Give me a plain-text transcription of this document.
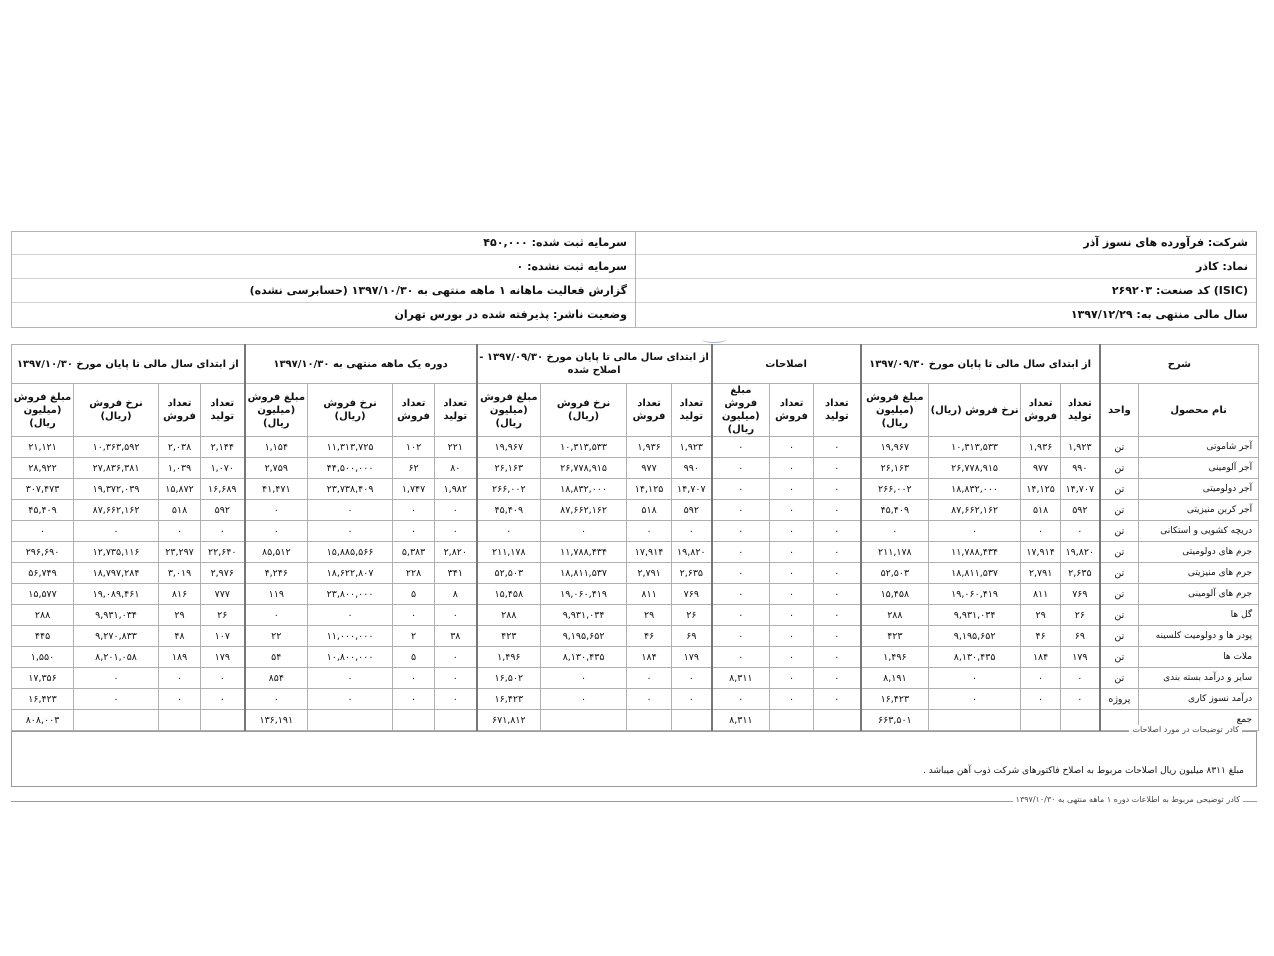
شرکت: فرآورده های نسوز آذر
نماد: کاذر
(ISIC) کد صنعت: ۲۶۹۲۰۳
سال مالی منتهی به: ۱۳۹۷/۱۲/۲۹
سرمایه ثبت شده: ۴۵۰,۰۰۰
سرمایه ثبت نشده: ۰
گزارش فعالیت ماهانه ۱ ماهه منتهی به ۱۳۹۷/۱۰/۳۰ (حسابرسی نشده)
وضعیت ناشر: پذیرفته شده در بورس تهران
شرح		از ابتدای سال مالی تا پایان مورخ ۱۳۹۷/۰۹/۳۰				اصلاحات			از ابتدای سال مالی تا پایان مورخ ۱۳۹۷/۰۹/۳۰ - اصلاح شده				دوره یک ماهه منتهی به ۱۳۹۷/۱۰/۳۰				از ابتدای سال مالی تا پایان مورخ ۱۳۹۷/۱۰/۳۰			
نام محصول	واحد	تعداد تولید	تعداد فروش	نرخ فروش (ریال)	مبلغ فروش (میلیون ریال)	تعداد تولید	تعداد فروش	مبلغ فروش (میلیون ریال)	تعداد تولید	تعداد فروش	نرخ فروش (ریال)	مبلغ فروش (میلیون ریال)	تعداد تولید	تعداد فروش	نرخ فروش (ریال)	مبلغ فروش (میلیون ریال)	تعداد تولید	تعداد فروش	نرخ فروش (ریال)	مبلغ فروش (میلیون ریال)
آجر شاموتی	تن	۱,۹۲۳	۱,۹۳۶	۱۰,۳۱۳,۵۳۳	۱۹,۹۶۷	۰	۰	۰	۱,۹۲۳	۱,۹۳۶	۱۰,۳۱۳,۵۳۳	۱۹,۹۶۷	۲۲۱	۱۰۲	۱۱,۳۱۳,۷۲۵	۱,۱۵۴	۲,۱۴۴	۲,۰۳۸	۱۰,۳۶۳,۵۹۲	۲۱,۱۲۱
آجر آلومینی	تن	۹۹۰	۹۷۷	۲۶,۷۷۸,۹۱۵	۲۶,۱۶۳	۰	۰	۰	۹۹۰	۹۷۷	۲۶,۷۷۸,۹۱۵	۲۶,۱۶۳	۸۰	۶۲	۴۴,۵۰۰,۰۰۰	۲,۷۵۹	۱,۰۷۰	۱,۰۳۹	۲۷,۸۳۶,۳۸۱	۲۸,۹۲۲
آجر دولومیتی	تن	۱۴,۷۰۷	۱۴,۱۲۵	۱۸,۸۳۲,۰۰۰	۲۶۶,۰۰۲	۰	۰	۰	۱۴,۷۰۷	۱۴,۱۲۵	۱۸,۸۳۲,۰۰۰	۲۶۶,۰۰۲	۱,۹۸۲	۱,۷۴۷	۲۳,۷۳۸,۴۰۹	۴۱,۴۷۱	۱۶,۶۸۹	۱۵,۸۷۲	۱۹,۳۷۲,۰۳۹	۳۰۷,۴۷۳
آجر کربن منیزیتی	تن	۵۹۲	۵۱۸	۸۷,۶۶۲,۱۶۲	۴۵,۴۰۹	۰	۰	۰	۵۹۲	۵۱۸	۸۷,۶۶۲,۱۶۲	۴۵,۴۰۹	۰	۰	۰	۰	۵۹۲	۵۱۸	۸۷,۶۶۲,۱۶۲	۴۵,۴۰۹
دریچه کشویی و استکانی	تن	۰	۰	۰	۰	۰	۰	۰	۰	۰	۰	۰	۰	۰	۰	۰	۰	۰	۰	۰
جرم های دولومیتی	تن	۱۹,۸۲۰	۱۷,۹۱۴	۱۱,۷۸۸,۴۳۴	۲۱۱,۱۷۸	۰	۰	۰	۱۹,۸۲۰	۱۷,۹۱۴	۱۱,۷۸۸,۴۳۴	۲۱۱,۱۷۸	۲,۸۲۰	۵,۳۸۳	۱۵,۸۸۵,۵۶۶	۸۵,۵۱۲	۲۲,۶۴۰	۲۳,۲۹۷	۱۲,۷۳۵,۱۱۶	۲۹۶,۶۹۰
جرم های منیزیتی	تن	۲,۶۳۵	۲,۷۹۱	۱۸,۸۱۱,۵۳۷	۵۲,۵۰۳	۰	۰	۰	۲,۶۳۵	۲,۷۹۱	۱۸,۸۱۱,۵۳۷	۵۲,۵۰۳	۳۴۱	۲۲۸	۱۸,۶۲۲,۸۰۷	۴,۲۴۶	۲,۹۷۶	۳,۰۱۹	۱۸,۷۹۷,۲۸۴	۵۶,۷۴۹
جرم های آلومینی	تن	۷۶۹	۸۱۱	۱۹,۰۶۰,۴۱۹	۱۵,۴۵۸	۰	۰	۰	۷۶۹	۸۱۱	۱۹,۰۶۰,۴۱۹	۱۵,۴۵۸	۸	۵	۲۳,۸۰۰,۰۰۰	۱۱۹	۷۷۷	۸۱۶	۱۹,۰۸۹,۴۶۱	۱۵,۵۷۷
گل ها	تن	۲۶	۲۹	۹,۹۳۱,۰۳۴	۲۸۸	۰	۰	۰	۲۶	۲۹	۹,۹۳۱,۰۳۴	۲۸۸	۰	۰	۰	۰	۲۶	۲۹	۹,۹۳۱,۰۳۴	۲۸۸
پودر ها و دولومیت کلسینه	تن	۶۹	۴۶	۹,۱۹۵,۶۵۲	۴۲۳	۰	۰	۰	۶۹	۴۶	۹,۱۹۵,۶۵۲	۴۲۳	۳۸	۲	۱۱,۰۰۰,۰۰۰	۲۲	۱۰۷	۴۸	۹,۲۷۰,۸۳۳	۴۴۵
ملات ها	تن	۱۷۹	۱۸۴	۸,۱۳۰,۴۳۵	۱,۴۹۶	۰	۰	۰	۱۷۹	۱۸۴	۸,۱۳۰,۴۳۵	۱,۴۹۶	۰	۵	۱۰,۸۰۰,۰۰۰	۵۴	۱۷۹	۱۸۹	۸,۲۰۱,۰۵۸	۱,۵۵۰
سایر و درآمد بسته بندی	تن	۰	۰	۰	۸,۱۹۱	۰	۰	۸,۳۱۱	۰	۰	۰	۱۶,۵۰۲	۰	۰	۰	۸۵۴	۰	۰	۰	۱۷,۳۵۶
درآمد نسوز کاری	پروژه	۰	۰	۰	۱۶,۴۲۳	۰	۰	۰	۰	۰	۰	۱۶,۴۲۳	۰	۰	۰	۰	۰	۰	۰	۱۶,۴۲۳
جمع					۶۶۳,۵۰۱			۸,۳۱۱				۶۷۱,۸۱۲				۱۳۶,۱۹۱				۸۰۸,۰۰۳
کادر توضیحات در مورد اصلاحات
مبلغ ۸۳۱۱ میلیون ریال اصلاحات مربوط به اصلاح فاکتورهای شرکت ذوب آهن میباشد .
کادر توضیحی مربوط به اطلاعات دوره ۱ ماهه منتهی به ۱۳۹۷/۱۰/۳۰
